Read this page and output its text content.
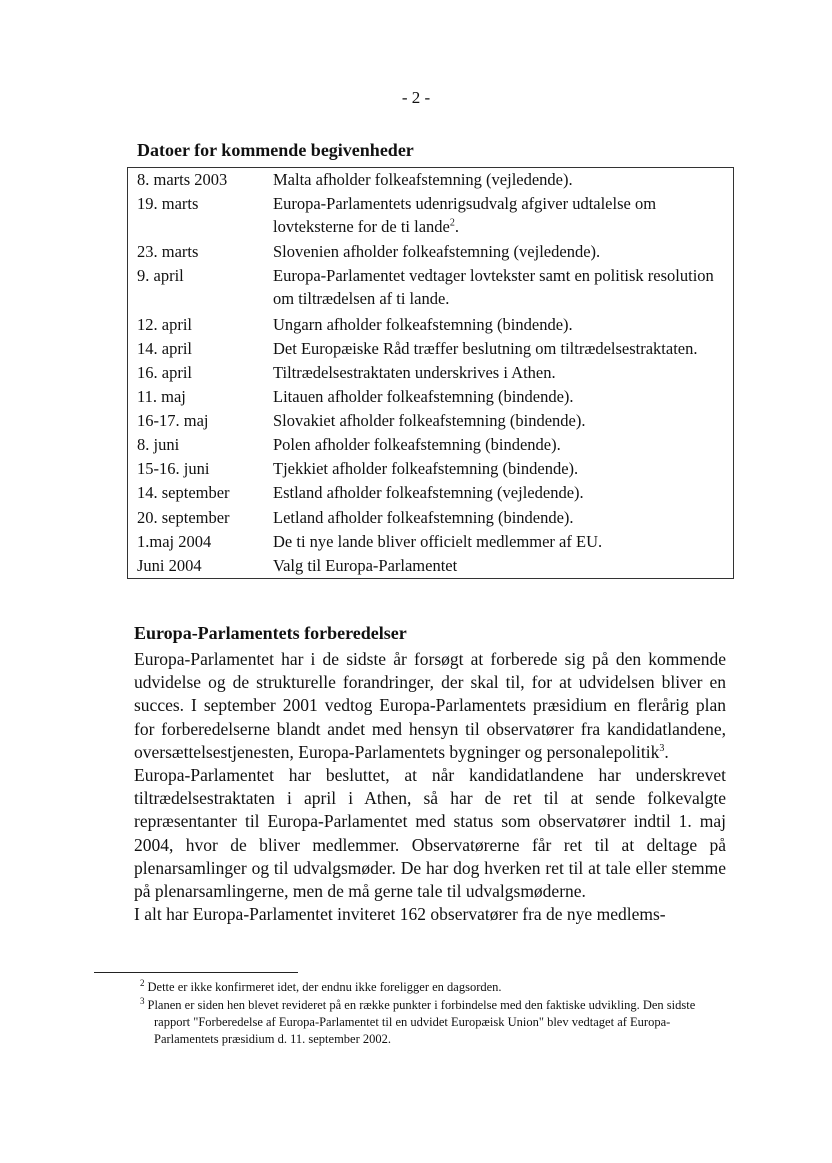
- 2 -
Datoer for kommende begivenheder
8. marts 2003	Malta afholder folkeafstemning (vejledende).
19. marts	Europa-Parlamentets udenrigsudvalg afgiver udtalelse om lovteksterne for de ti lande$^2$.
23. marts	Slovenien afholder folkeafstemning (vejledende).
9. april	Europa-Parlamentet vedtager lovtekster samt en politisk resolution om tiltrædelsen af ti lande.
12. april	Ungarn afholder folkeafstemning (bindende).
14. april	Det Europæiske Råd træffer beslutning om tiltrædelsestraktaten.
16. april	Tiltrædelsestraktaten underskrives i Athen.
11. maj	Litauen afholder folkeafstemning (bindende).
16-17. maj	Slovakiet afholder folkeafstemning (bindende).
8. juni	Polen afholder folkeafstemning (bindende).
15-16. juni	Tjekkiet afholder folkeafstemning (bindende).
14. september	Estland afholder folkeafstemning (vejledende).
20. september	Letland afholder folkeafstemning (bindende).
1.maj 2004	De ti nye lande bliver officielt medlemmer af EU.
Juni 2004	Valg til Europa-Parlamentet
Europa-Parlamentets forberedelser

Europa-Parlamentet har i de sidste år forsøgt at forberede sig på den kommende udvidelse og de strukturelle forandringer, der skal til, for at udvidelsen bliver en succes. I september 2001 vedtog Europa-Parlamentets præsidium en flerårig plan for forberedelserne blandt andet med hensyn til observatører fra kandidatlandene, oversættelsestjenesten, Europa-Parlamentets bygninger og personalepolitik$^3$.

Europa-Parlamentet har besluttet, at når kandidatlandene har underskrevet tiltrædelsestraktaten i april i Athen, så har de ret til at sende folkevalgte repræsentanter til Europa-Parlamentet med status som observatører indtil 1. maj 2004, hvor de bliver medlemmer. Observatørerne får ret til at deltage på plenarsamlinger og til udvalgsmøder. De har dog hverken ret til at tale eller stemme på plenarsamlingerne, men de må gerne tale til udvalgsmøderne.

I alt har Europa-Parlamentet inviteret 162 observatører fra de nye medlems-

$^2$ Dette er ikke konfirmeret idet, der endnu ikke foreligger en dagsorden.

$^3$ Planen er siden hen blevet revideret på en række punkter i forbindelse med den faktiske udvikling. Den sidste rapport "Forberedelse af Europa-Parlamentet til en udvidet Europæisk Union" blev vedtaget af Europa-Parlamentets præsidium d. 11. september 2002.
